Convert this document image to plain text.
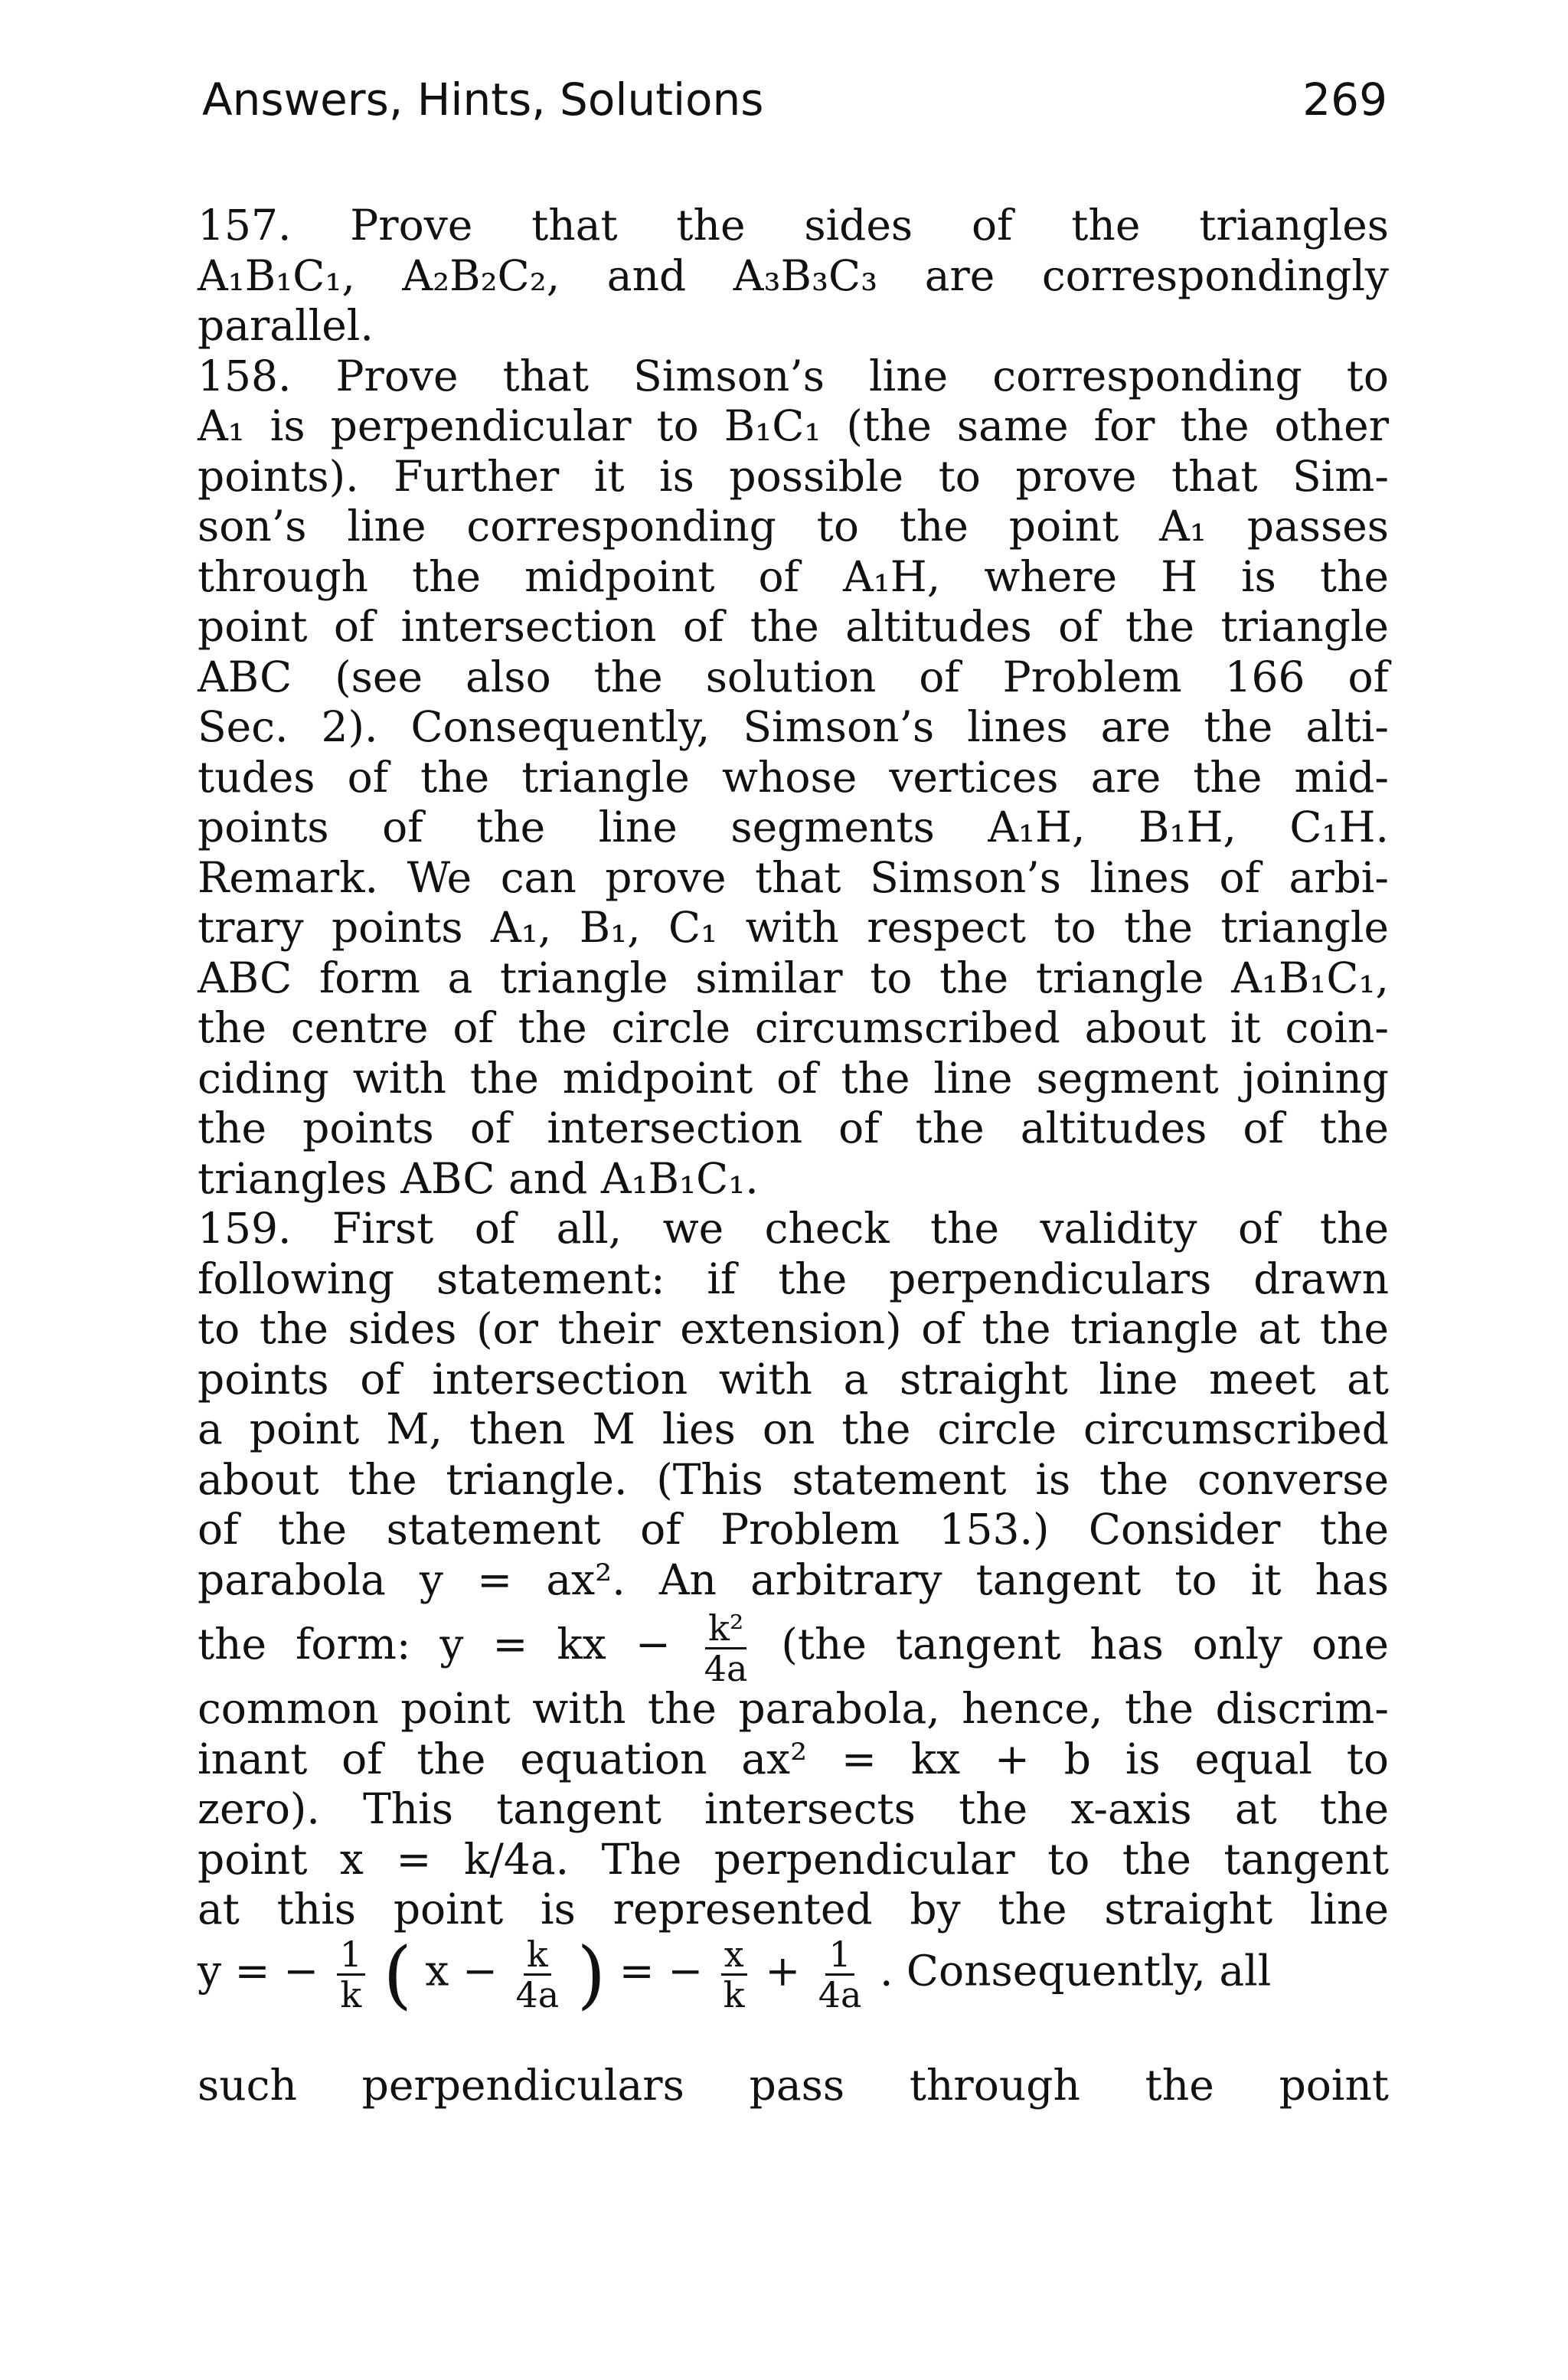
Answers, Hints, Solutions	269
157. Prove that the sides of the triangles
A₁B₁C₁, A₂B₂C₂, and A₃B₃C₃ are correspondingly
parallel.
158. Prove that Simson’s line corresponding to
A₁ is perpendicular to B₁C₁ (the same for the other
points). Further it is possible to prove that Sim-
son’s line corresponding to the point A₁ passes
through the midpoint of A₁H, where H is the
point of intersection of the altitudes of the triangle
ABC (see also the solution of Problem 166 of
Sec. 2). Consequently, Simson’s lines are the alti-
tudes of the triangle whose vertices are the mid-
points of the line segments A₁H, B₁H, C₁H.
Remark. We can prove that Simson’s lines of arbi-
trary points A₁, B₁, C₁ with respect to the triangle
ABC form a triangle similar to the triangle A₁B₁C₁,
the centre of the circle circumscribed about it coin-
ciding with the midpoint of the line segment joining
the points of intersection of the altitudes of the
triangles ABC and A₁B₁C₁.
159. First of all, we check the validity of the
following statement: if the perpendiculars drawn
to the sides (or their extension) of the triangle at the
points of intersection with a straight line meet at
a point M, then M lies on the circle circumscribed
about the triangle. (This statement is the converse
of the statement of Problem 153.) Consider the
parabola y = ax². An arbitrary tangent to it has
the form: y = kx − $\frac{\text{k²}}{4a} (the$ tangent has only one
common point with the parabola, hence, the discrim-
inant of the equation ax² = kx + b is equal to
zero). This tangent intersects the x-axis at the
point x = k/4a. The perpendicular to the tangent
at this point is represented by the straight line
y = − $\frac{1}{k}$ ( $x - \frac{k}{4a}$ ) = − $\frac{x}{k} + \frac{1}{4a}$ . Consequently, all
such perpendiculars pass through the point
